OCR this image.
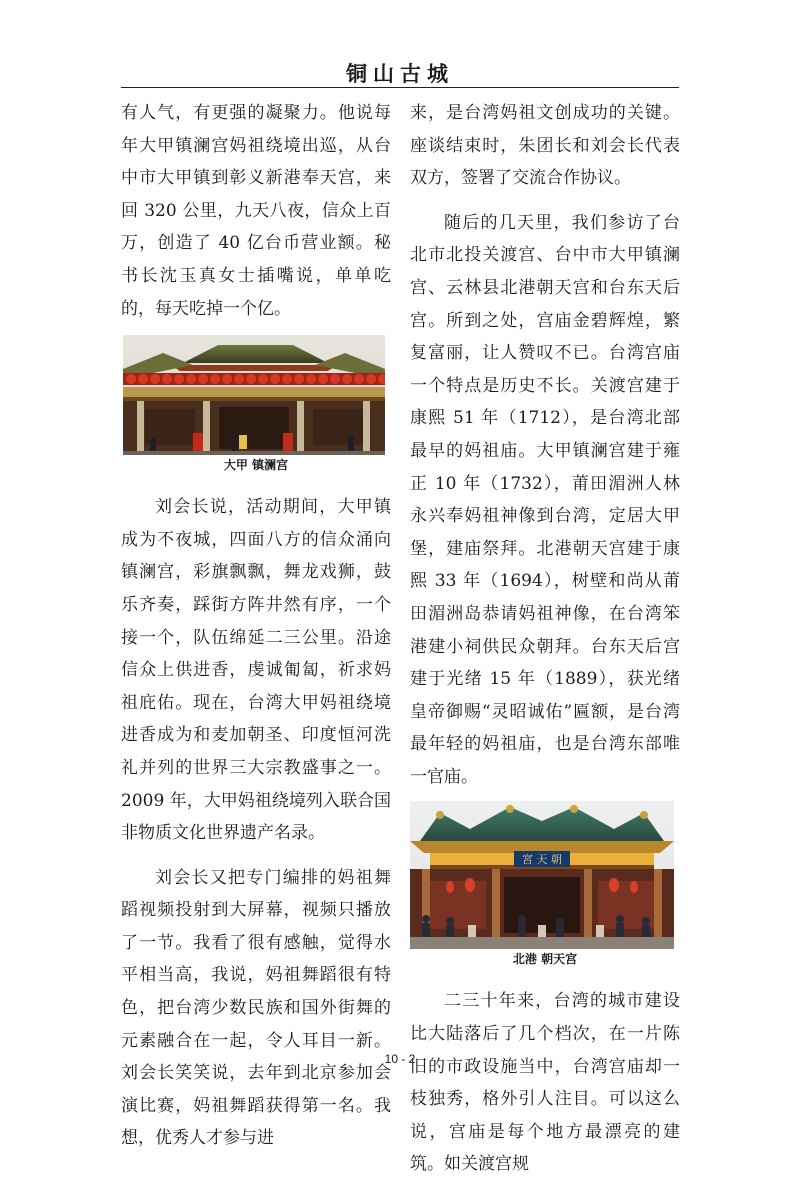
铜山古城

有人气，有更强的凝聚力。他说每年大甲镇澜宫妈祖绕境出巡，从台中市大甲镇到彰义新港奉天宫，来回 320 公里，九天八夜，信众上百万，创造了 40 亿台币营业额。秘书长沈玉真女士插嘴说，单单吃的，每天吃掉一个亿。

大甲 镇澜宫

刘会长说，活动期间，大甲镇成为不夜城，四面八方的信众涌向镇澜宫，彩旗飘飘，舞龙戏狮，鼓乐齐奏，踩街方阵井然有序，一个接一个，队伍绵延二三公里。沿途信众上供进香，虔诚匍匐，祈求妈祖庇佑。现在，台湾大甲妈祖绕境进香成为和麦加朝圣、印度恒河洗礼并列的世界三大宗教盛事之一。2009 年，大甲妈祖绕境列入联合国非物质文化世界遗产名录。

刘会长又把专门编排的妈祖舞蹈视频投射到大屏幕，视频只播放了一节。我看了很有感触，觉得水平相当高，我说，妈祖舞蹈很有特色，把台湾少数民族和国外街舞的元素融合在一起，令人耳目一新。刘会长笑笑说，去年到北京参加会演比赛，妈祖舞蹈获得第一名。我想，优秀人才参与进

来，是台湾妈祖文创成功的关键。座谈结束时，朱团长和刘会长代表双方，签署了交流合作协议。

随后的几天里，我们参访了台北市北投关渡宫、台中市大甲镇澜宫、云林县北港朝天宫和台东天后宫。所到之处，宫庙金碧辉煌，繁复富丽，让人赞叹不已。台湾宫庙一个特点是历史不长。关渡宫建于康熙 51 年（1712），是台湾北部最早的妈祖庙。大甲镇澜宫建于雍正 10 年（1732），莆田湄洲人林永兴奉妈祖神像到台湾，定居大甲堡，建庙祭拜。北港朝天宫建于康熙 33 年（1694），树壁和尚从莆田湄洲岛恭请妈祖神像，在台湾笨港建小祠供民众朝拜。台东天后宫建于光绪 15 年（1889），获光绪皇帝御赐“灵昭诚佑”匾额，是台湾最年轻的妈祖庙，也是台湾东部唯一官庙。

宮 天 朝
北港 朝天宫

二三十年来，台湾的城市建设比大陆落后了几个档次，在一片陈旧的市政设施当中，台湾宫庙却一枝独秀，格外引人注目。可以这么说，宫庙是每个地方最漂亮的建筑。如关渡宫规

10 - 2
